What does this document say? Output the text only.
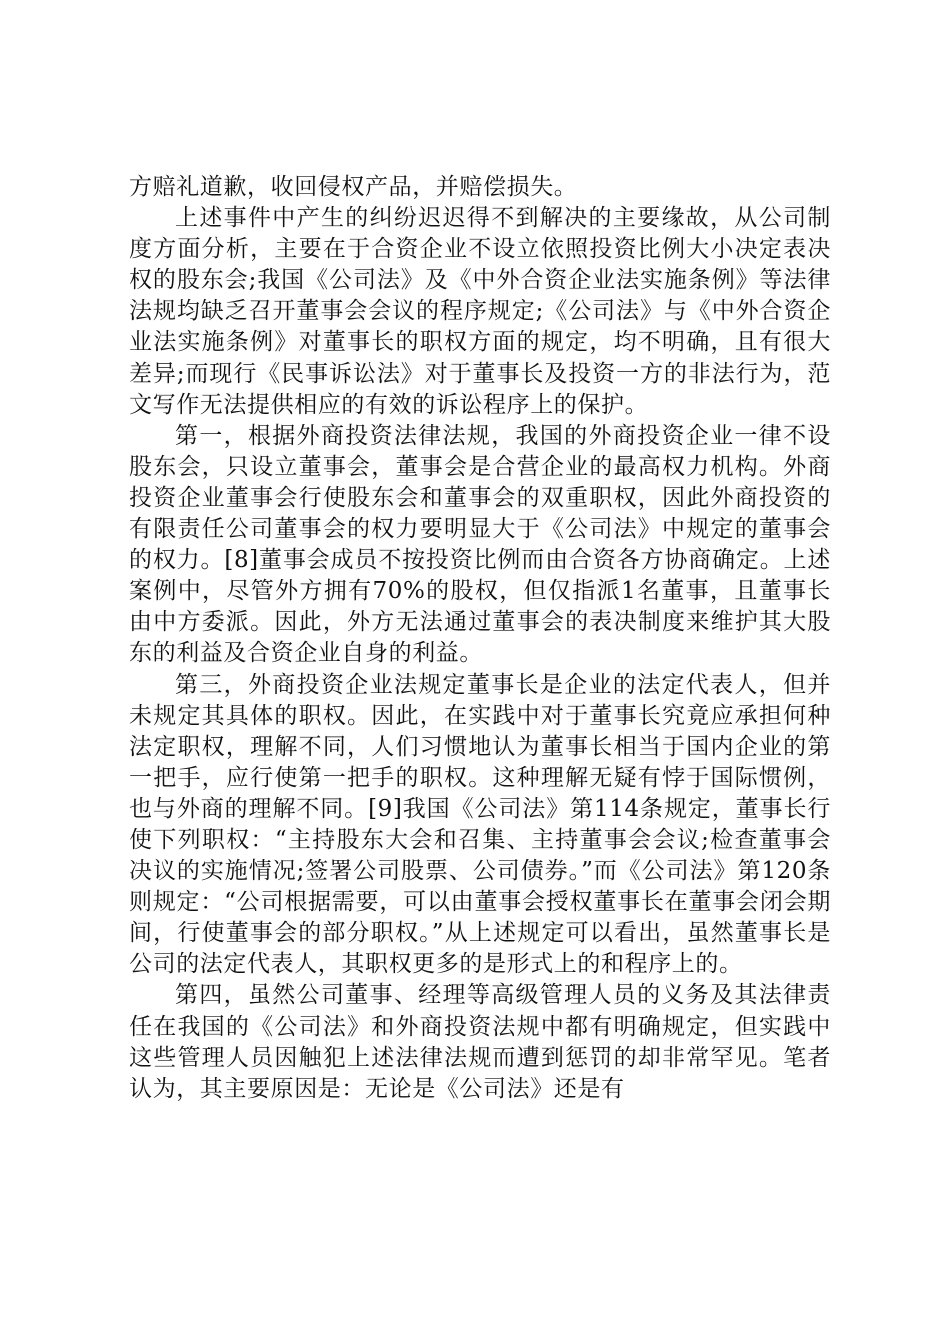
方赔礼道歉，收回侵权产品，并赔偿损失。

上述事件中产生的纠纷迟迟得不到解决的主要缘故，从公司制度方面分析，主要在于合资企业不设立依照投资比例大小决定表决权的股东会;我国《公司法》及《中外合资企业法实施条例》等法律法规均缺乏召开董事会会议的程序规定;《公司法》与《中外合资企业法实施条例》对董事长的职权方面的规定，均不明确，且有很大差异;而现行《民事诉讼法》对于董事长及投资一方的非法行为，范文写作无法提供相应的有效的诉讼程序上的保护。

第一，根据外商投资法律法规，我国的外商投资企业一律不设股东会，只设立董事会，董事会是合营企业的最高权力机构。外商投资企业董事会行使股东会和董事会的双重职权，因此外商投资的有限责任公司董事会的权力要明显大于《公司法》中规定的董事会的权力。[8]董事会成员不按投资比例而由合资各方协商确定。上述案例中，尽管外方拥有70%的股权，但仅指派1名董事，且董事长由中方委派。因此，外方无法通过董事会的表决制度来维护其大股东的利益及合资企业自身的利益。

第三，外商投资企业法规定董事长是企业的法定代表人，但并未规定其具体的职权。因此，在实践中对于董事长究竟应承担何种法定职权，理解不同，人们习惯地认为董事长相当于国内企业的第一把手，应行使第一把手的职权。这种理解无疑有悖于国际惯例，也与外商的理解不同。[9]我国《公司法》第114条规定，董事长行使下列职权：“主持股东大会和召集、主持董事会会议;检查董事会决议的实施情况;签署公司股票、公司债券。”而《公司法》第120条则规定：“公司根据需要，可以由董事会授权董事长在董事会闭会期间，行使董事会的部分职权。”从上述规定可以看出，虽然董事长是公司的法定代表人，其职权更多的是形式上的和程序上的。

第四，虽然公司董事、经理等高级管理人员的义务及其法律责任在我国的《公司法》和外商投资法规中都有明确规定，但实践中这些管理人员因触犯上述法律法规而遭到惩罚的却非常罕见。笔者认为，其主要原因是：无论是《公司法》还是有
